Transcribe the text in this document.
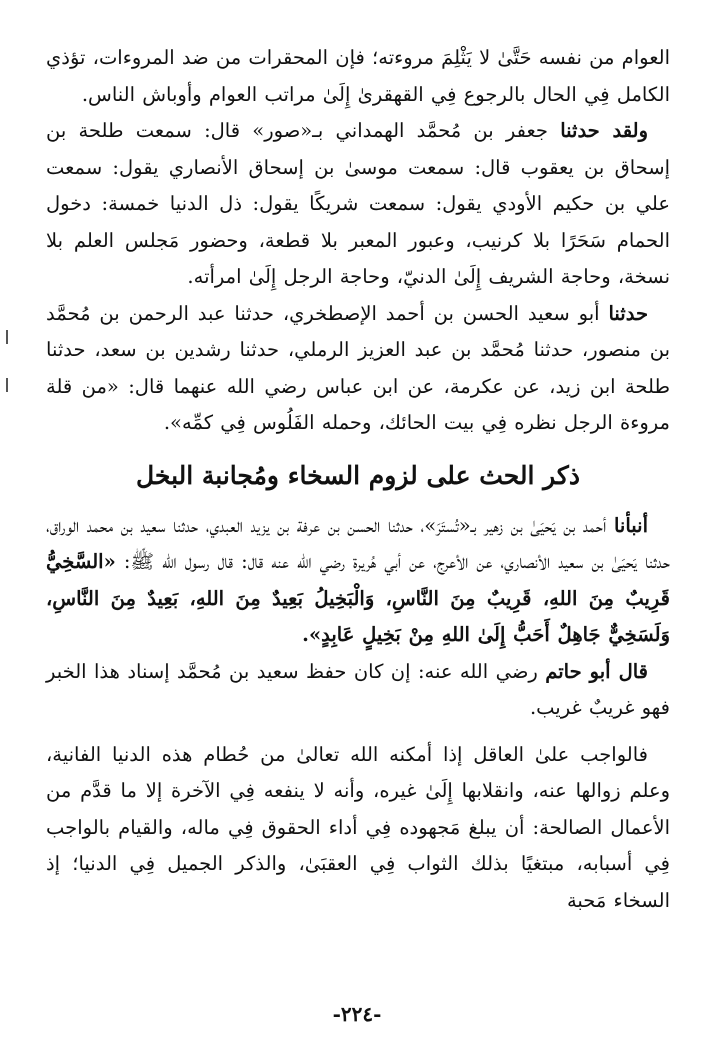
العوام من نفسه حَتَّىٰ لا يَثْلِمَ مروءته؛ فإن المحقرات من ضد المروءات، تؤذي الكامل فِي الحال بالرجوع فِي القهقرىٰ إِلَىٰ مراتب العوام وأوباش الناس.

ولقد حدثنا جعفر بن مُحمَّد الهمداني بـ«صور» قال: سمعت طلحة بن إسحاق بن يعقوب قال: سمعت موسىٰ بن إسحاق الأنصاري يقول: سمعت علي بن حكيم الأودي يقول: سمعت شريكًا يقول: ذل الدنيا خمسة: دخول الحمام سَحَرًا بلا كرنيب، وعبور المعبر بلا قطعة، وحضور مَجلس العلم بلا نسخة، وحاجة الشريف إِلَىٰ الدنيّ، وحاجة الرجل إِلَىٰ امرأته.

حدثنا أبو سعيد الحسن بن أحمد الإصطخري، حدثنا عبد الرحمن بن مُحمَّد بن منصور، حدثنا مُحمَّد بن عبد العزيز الرملي، حدثنا رشدين بن سعد، حدثنا طلحة ابن زيد، عن عكرمة، عن ابن عباس رضي الله عنهما قال: «من قلة مروءة الرجل نظره فِي بيت الحائك، وحمله الفَلُوس فِي كمِّه».

ذكر الحث على لزوم السخاء ومُجانبة البخل

أنبأنا أحمد بن يَحيَىٰ بن زهير بـ«تُستَرَ»، حدثنا الحسن بن عرفة بن يزيد العبدي، حدثنا سعيد بن محمد الوراق، حدثنا يَحيَىٰ بن سعيد الأنصاري، عن الأعرج، عن أبي هُريرة رضي الله عنه قال: قال رسول الله ﷺ: «السَّخِيُّ قَرِيبٌ مِنَ اللهِ، قَرِيبٌ مِنَ النَّاسِ، وَالْبَخِيلُ بَعِيدٌ مِنَ اللهِ، بَعِيدٌ مِنَ النَّاسِ، وَلَسَخِيٌّ جَاهِلٌ أَحَبُّ إِلَىٰ اللهِ مِنْ بَخِيلٍ عَابِدٍ».

قال أبو حاتم رضي الله عنه: إن كان حفظ سعيد بن مُحمَّد إسناد هذا الخبر فهو غريبٌ غريب.

فالواجب علىٰ العاقل إذا أمكنه الله تعالىٰ من حُطام هذه الدنيا الفانية، وعلم زوالها عنه، وانقلابها إِلَىٰ غيره، وأنه لا ينفعه فِي الآخرة إلا ما قدَّم من الأعمال الصالحة: أن يبلغ مَجهوده فِي أداء الحقوق فِي ماله، والقيام بالواجب فِي أسبابه، مبتغيًا بذلك الثواب فِي العقبَىٰ، والذكر الجميل فِي الدنيا؛ إذ السخاء مَحبة

-٢٢٤-
